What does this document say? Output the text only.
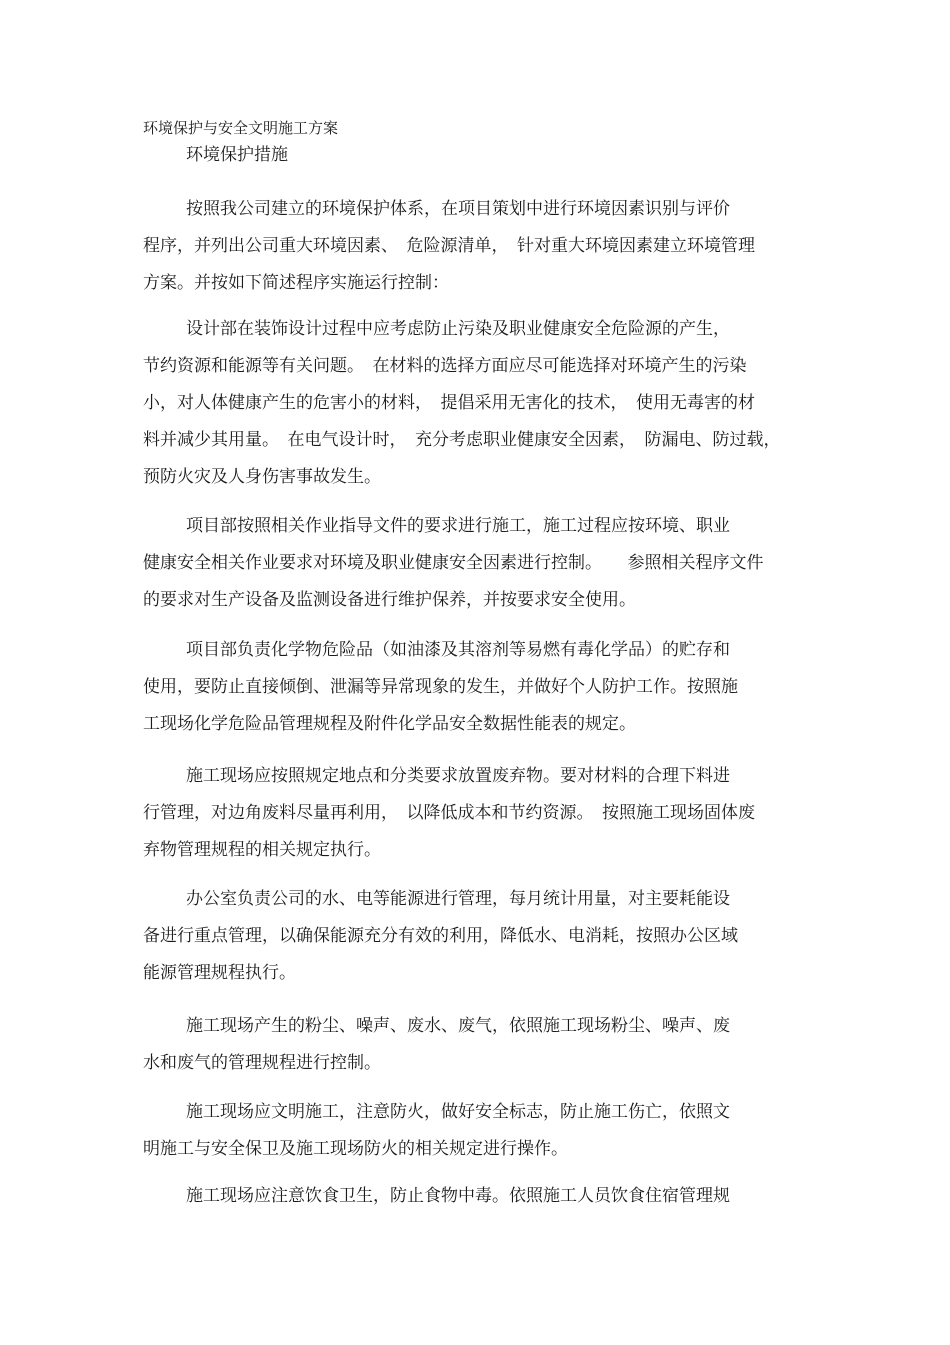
环境保护与安全文明施工方案
环境保护措施
按照我公司建立的环境保护体系，在项目策划中进行环境因素识别与评价
程序，并列出公司重大环境因素、　危险源清单，　针对重大环境因素建立环境管理
方案。并按如下简述程序实施运行控制：
设计部在装饰设计过程中应考虑防止污染及职业健康安全危险源的产生，
节约资源和能源等有关问题。　在材料的选择方面应尽可能选择对环境产生的污染
小，对人体健康产生的危害小的材料，　提倡采用无害化的技术，　使用无毒害的材
料并减少其用量。　在电气设计时，　充分考虑职业健康安全因素，　防漏电、防过载，
预防火灾及人身伤害事故发生。
项目部按照相关作业指导文件的要求进行施工，施工过程应按环境、职业
健康安全相关作业要求对环境及职业健康安全因素进行控制。　　参照相关程序文件
的要求对生产设备及监测设备进行维护保养，并按要求安全使用。
项目部负责化学物危险品（如油漆及其溶剂等易燃有毒化学品）的贮存和
使用，要防止直接倾倒、泄漏等异常现象的发生，并做好个人防护工作。按照施
工现场化学危险品管理规程及附件化学品安全数据性能表的规定。
施工现场应按照规定地点和分类要求放置废弃物。要对材料的合理下料进
行管理，对边角废料尽量再利用，　以降低成本和节约资源。　按照施工现场固体废
弃物管理规程的相关规定执行。
办公室负责公司的水、电等能源进行管理，每月统计用量，对主要耗能设
备进行重点管理，以确保能源充分有效的利用，降低水、电消耗，按照办公区域
能源管理规程执行。
施工现场产生的粉尘、噪声、废水、废气，依照施工现场粉尘、噪声、废
水和废气的管理规程进行控制。
施工现场应文明施工，注意防火，做好安全标志，防止施工伤亡，依照文
明施工与安全保卫及施工现场防火的相关规定进行操作。
施工现场应注意饮食卫生，防止食物中毒。依照施工人员饮食住宿管理规
